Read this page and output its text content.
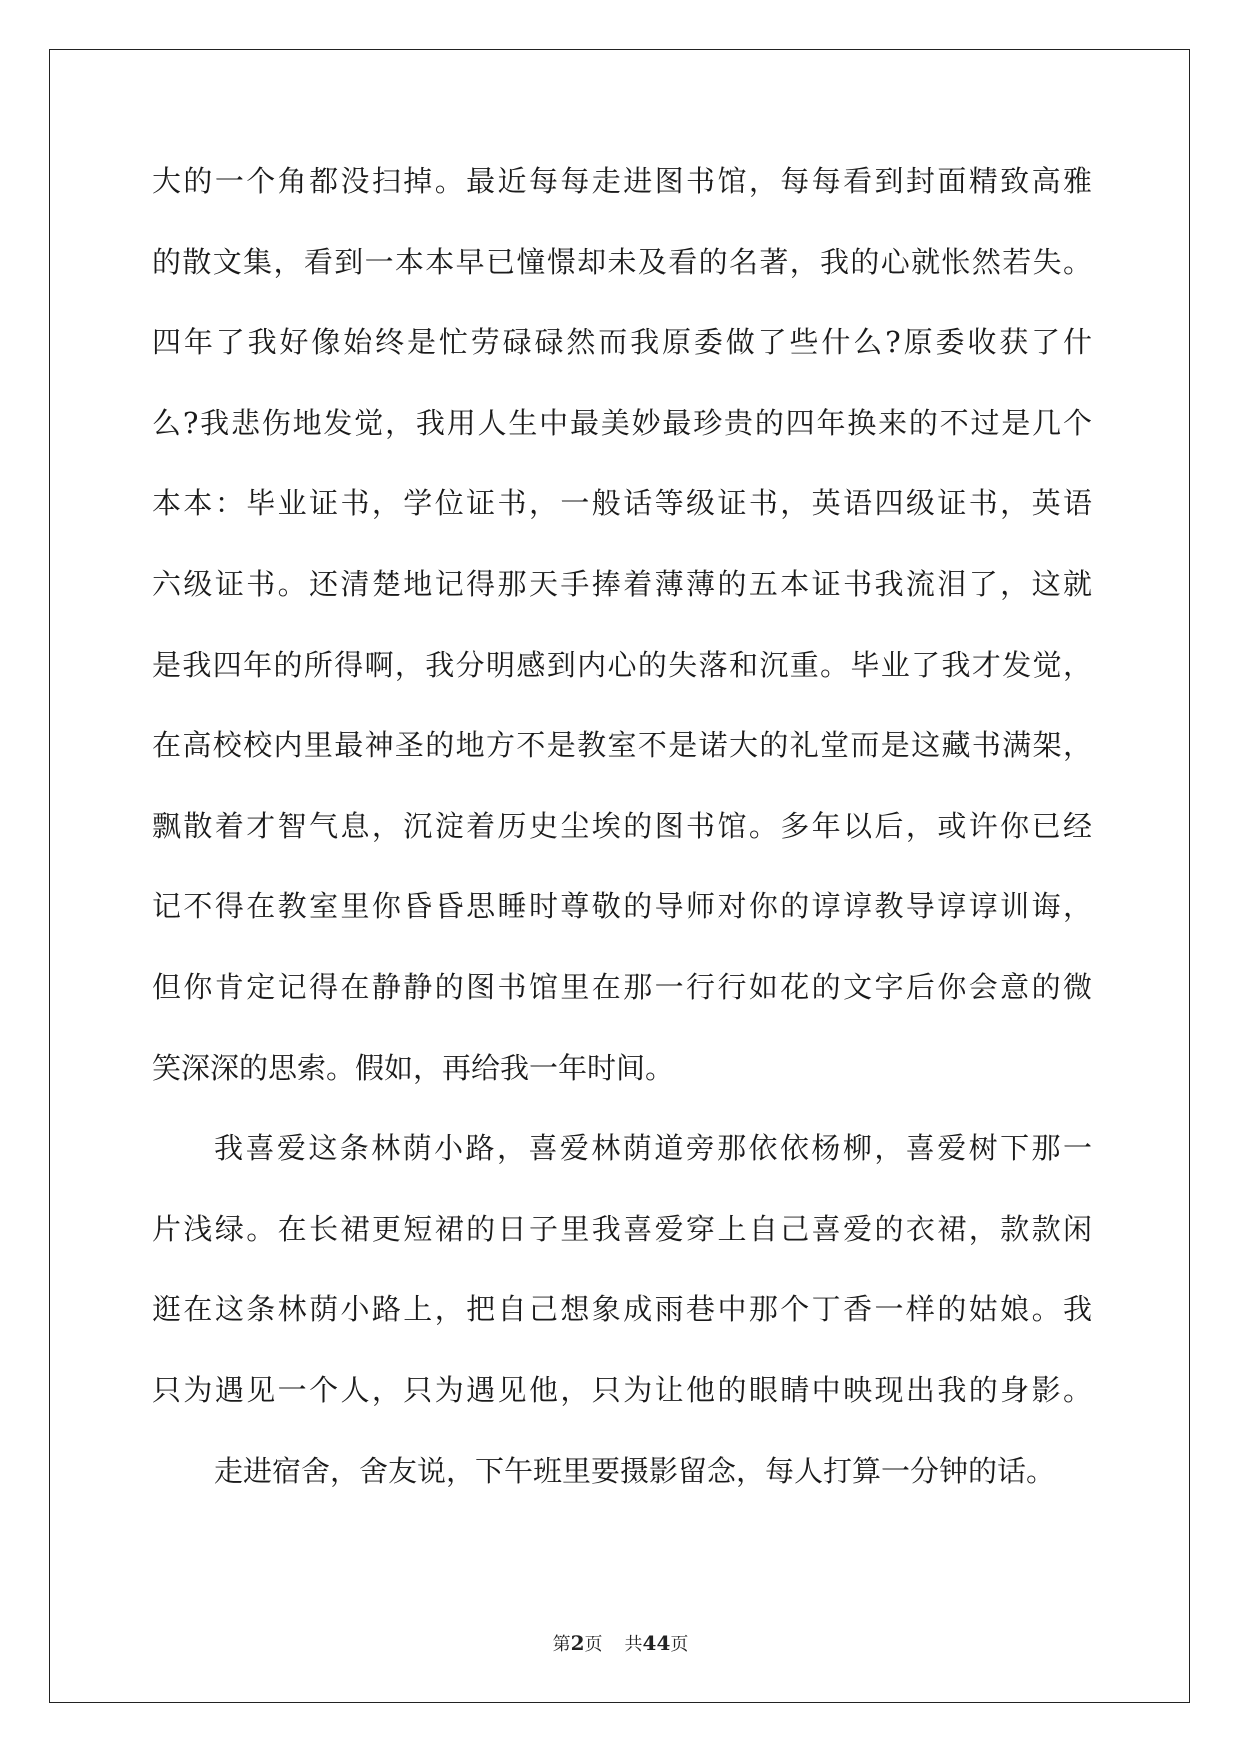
大的一个角都没扫掉。最近每每走进图书馆，每每看到封面精致高雅
的散文集，看到一本本早已憧憬却未及看的名著，我的心就怅然若失。
四年了我好像始终是忙劳碌碌然而我原委做了些什么?原委收获了什
么?我悲伤地发觉，我用人生中最美妙最珍贵的四年换来的不过是几个
本本：毕业证书，学位证书，一般话等级证书，英语四级证书，英语
六级证书。还清楚地记得那天手捧着薄薄的五本证书我流泪了，这就
是我四年的所得啊，我分明感到内心的失落和沉重。毕业了我才发觉，
在高校校内里最神圣的地方不是教室不是诺大的礼堂而是这藏书满架，
飘散着才智气息，沉淀着历史尘埃的图书馆。多年以后，或许你已经
记不得在教室里你昏昏思睡时尊敬的导师对你的谆谆教导谆谆训诲，
但你肯定记得在静静的图书馆里在那一行行如花的文字后你会意的微
笑深深的思索。假如，再给我一年时间。
我喜爱这条林荫小路，喜爱林荫道旁那依依杨柳，喜爱树下那一
片浅绿。在长裙更短裙的日子里我喜爱穿上自己喜爱的衣裙，款款闲
逛在这条林荫小路上，把自己想象成雨巷中那个丁香一样的姑娘。我
只为遇见一个人，只为遇见他，只为让他的眼睛中映现出我的身影。
走进宿舍，舍友说，下午班里要摄影留念，每人打算一分钟的话。
第2页 共44页
